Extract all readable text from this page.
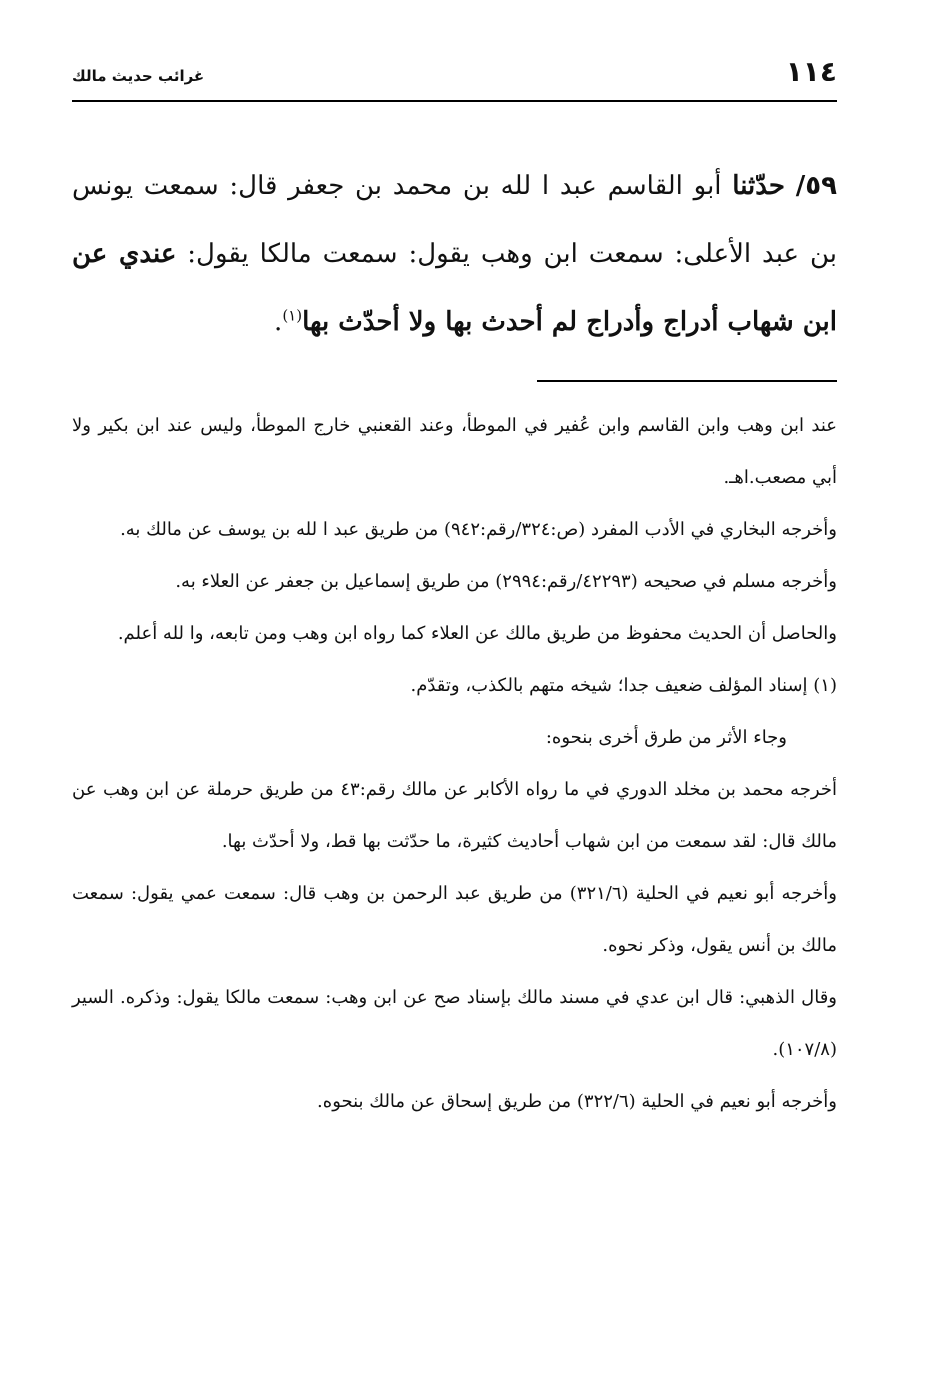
١١٤
غرائب حديث مالك
٥٩/ حدّثنا أبو القاسم عبد ا لله بن محمد بن جعفر قال: سمعت يونس بن عبد الأعلى: سمعت ابن وهب يقول: سمعت مالكا يقول: عندي عن ابن شهاب أدراج وأدراج لم أحدث بها ولا أحدّث بها$^{(١)}$.

عند ابن وهب وابن القاسم وابن عُفير في الموطأ، وعند القعنبي خارج الموطأ، وليس عند ابن بكير ولا أبي مصعب.اهـ.

وأخرجه البخاري في الأدب المفرد (ص:٣٢٤/رقم:٩٤٢) من طريق عبد ا لله بن يوسف عن مالك به.

وأخرجه مسلم في صحيحه (٤٢٢٩٣/رقم:٢٩٩٤) من طريق إسماعيل بن جعفر عن العلاء به.

والحاصل أن الحديث محفوظ من طريق مالك عن العلاء كما رواه ابن وهب ومن تابعه، وا لله أعلم.

(١) إسناد المؤلف ضعيف جدا؛ شيخه متهم بالكذب، وتقدّم.

وجاء الأثر من طرق أخرى بنحوه:

أخرجه محمد بن مخلد الدوري في ما رواه الأكابر عن مالك رقم:٤٣ من طريق حرملة عن ابن وهب عن مالك قال: لقد سمعت من ابن شهاب أحاديث كثيرة، ما حدّثت بها قط، ولا أحدّث بها.

وأخرجه أبو نعيم في الحلية (٣٢١/٦) من طريق عبد الرحمن بن وهب قال: سمعت عمي يقول: سمعت مالك بن أنس يقول، وذكر نحوه.

وقال الذهبي: قال ابن عدي في مسند مالك بإسناد صح عن ابن وهب: سمعت مالكا يقول: وذكره. السير (١٠٧/٨).

وأخرجه أبو نعيم في الحلية (٣٢٢/٦) من طريق إسحاق عن مالك بنحوه.
